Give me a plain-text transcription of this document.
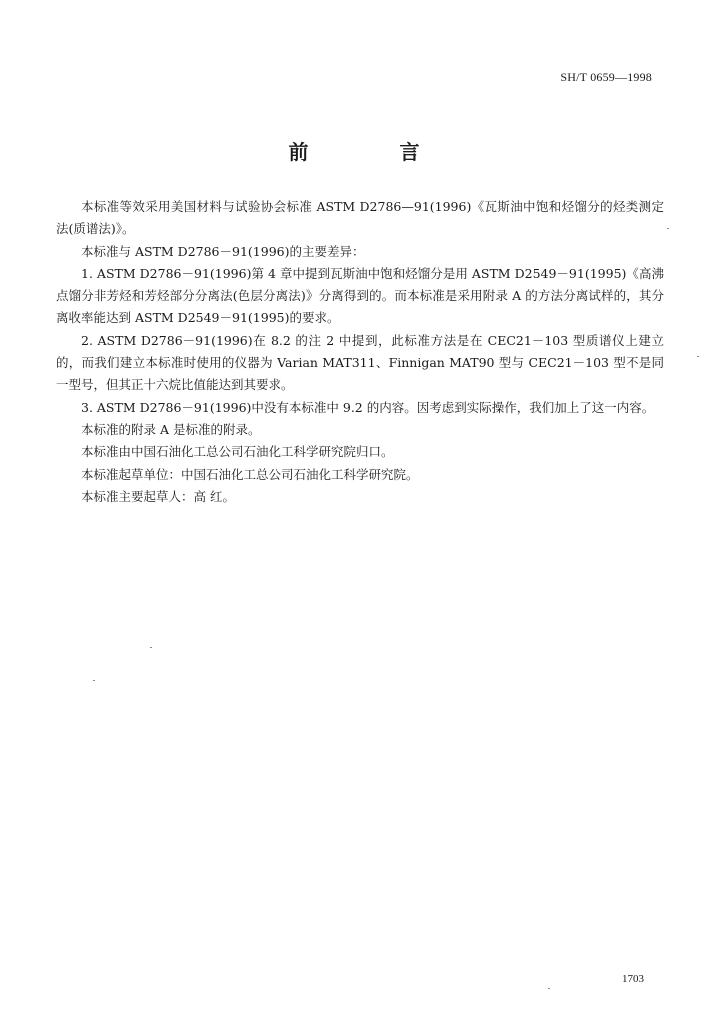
SH/T 0659—1998
前 言

本标准等效采用美国材料与试验协会标准 ASTM D2786—91(1996)《瓦斯油中饱和烃馏分的烃类测定法(质谱法)》。

本标准与 ASTM D2786－91(1996)的主要差异：

1. ASTM D2786－91(1996)第 4 章中提到瓦斯油中饱和烃馏分是用 ASTM D2549－91(1995)《高沸点馏分非芳烃和芳烃部分分离法(色层分离法)》分离得到的。而本标准是采用附录 A 的方法分离试样的，其分离收率能达到 ASTM D2549－91(1995)的要求。

2. ASTM D2786－91(1996)在 8.2 的注 2 中提到，此标准方法是在 CEC21－103 型质谱仪上建立的，而我们建立本标准时使用的仪器为 Varian MAT311、Finnigan MAT90 型与 CEC21－103 型不是同一型号，但其正十六烷比值能达到其要求。

3. ASTM D2786－91(1996)中没有本标准中 9.2 的内容。因考虑到实际操作，我们加上了这一内容。

本标准的附录 A 是标准的附录。

本标准由中国石油化工总公司石油化工科学研究院归口。

本标准起草单位：中国石油化工总公司石油化工科学研究院。

本标准主要起草人：高 红。

1703
